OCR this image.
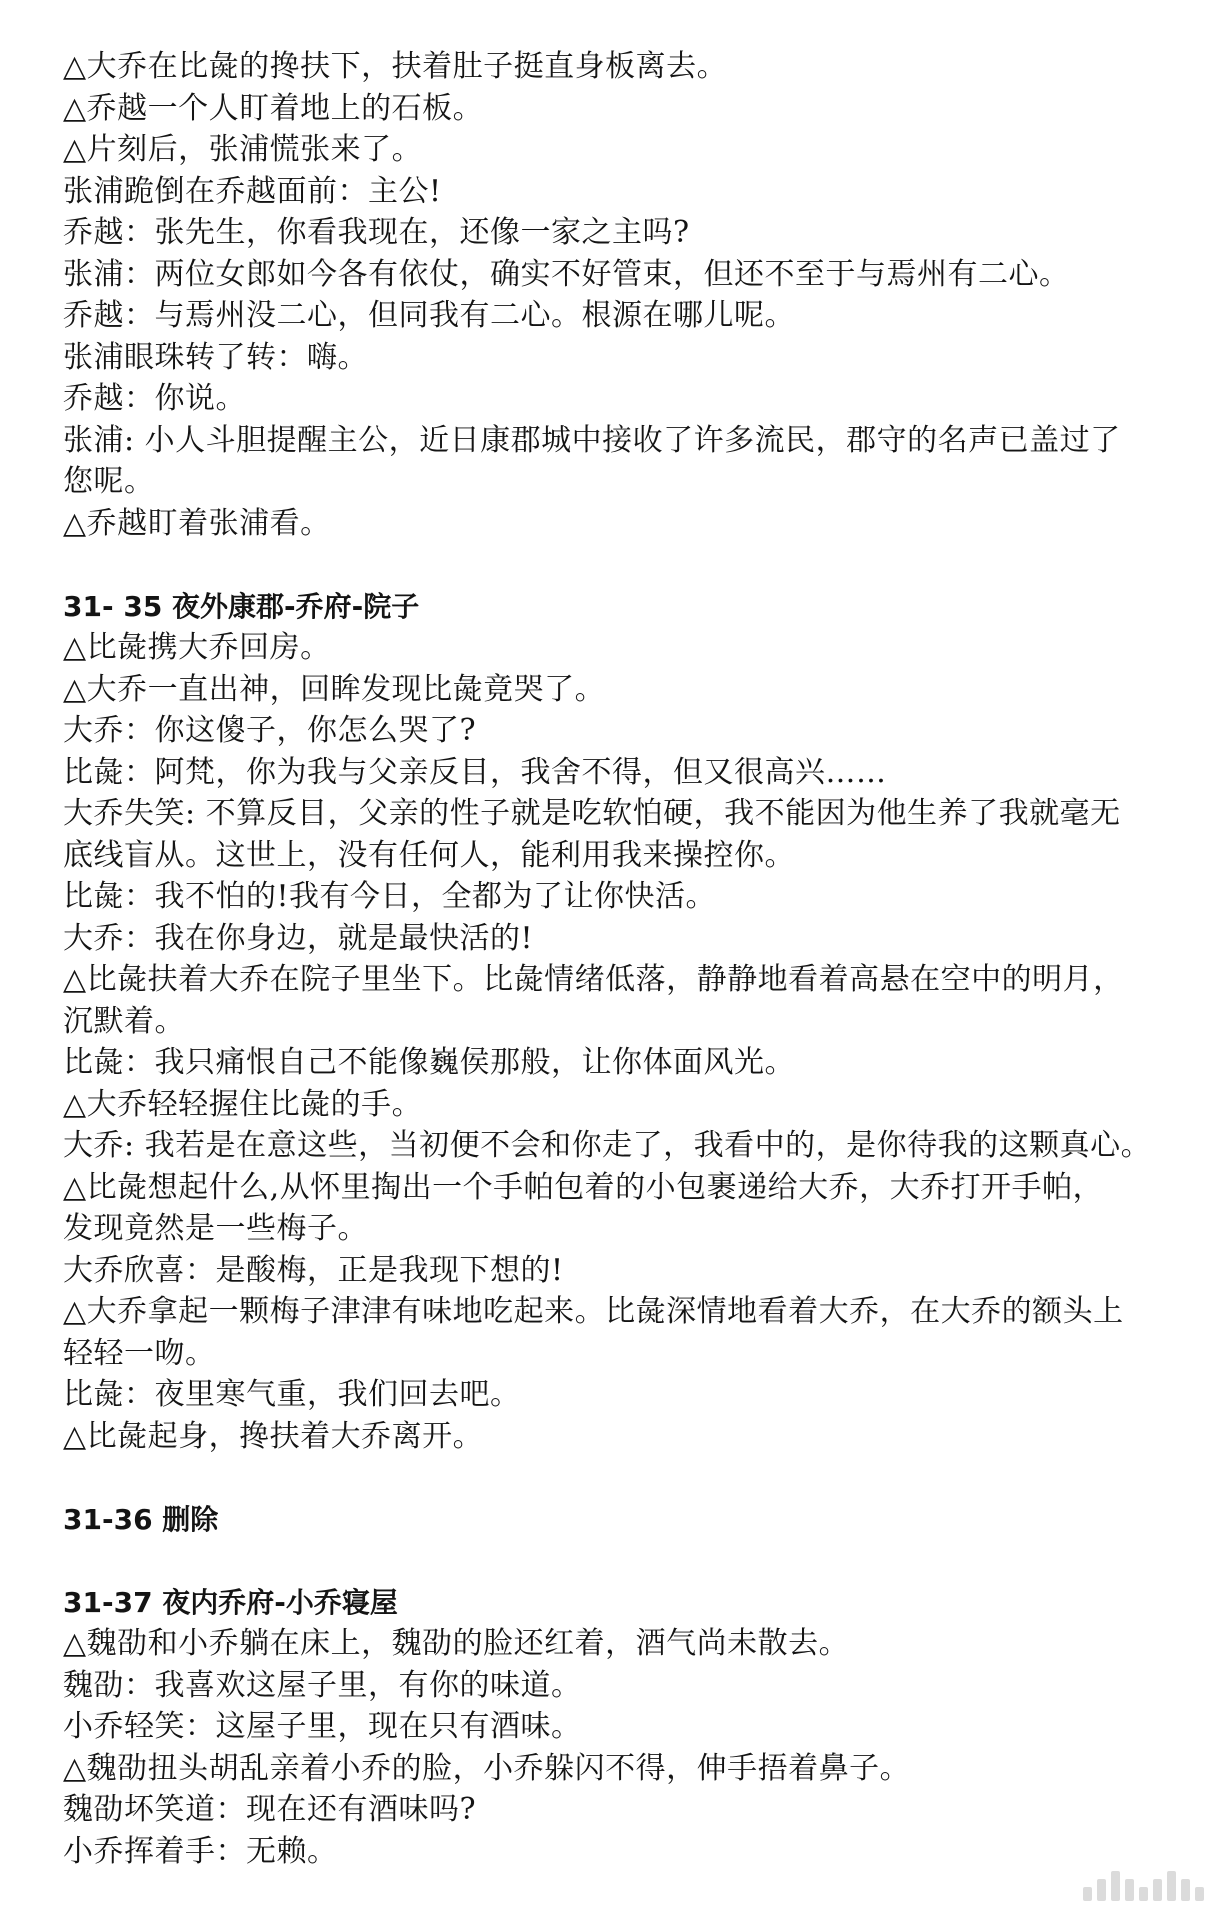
△大乔在比彘的搀扶下，扶着肚子挺直身板离去。
△乔越一个人盯着地上的石板。
△片刻后，张浦慌张来了。
张浦跪倒在乔越面前：主公!
乔越：张先生，你看我现在，还像一家之主吗?
张浦：两位女郎如今各有依仗，确实不好管束，但还不至于与焉州有二心。
乔越：与焉州没二心，但同我有二心。根源在哪儿呢。
张浦眼珠转了转：嗨。
乔越：你说。
张浦: 小人斗胆提醒主公，近日康郡城中接收了许多流民，郡守的名声已盖过了
您呢。
△乔越盯着张浦看。
31- 35 夜外康郡-乔府-院子
△比彘携大乔回房。
△大乔一直出神，回眸发现比彘竟哭了。
大乔：你这傻子，你怎么哭了?
比彘：阿梵，你为我与父亲反目，我舍不得，但又很高兴……
大乔失笑: 不算反目，父亲的性子就是吃软怕硬，我不能因为他生养了我就毫无
底线盲从。这世上，没有任何人，能利用我来操控你。
比彘：我不怕的!我有今日，全都为了让你快活。
大乔：我在你身边，就是最快活的!
△比彘扶着大乔在院子里坐下。比彘情绪低落，静静地看着高悬在空中的明月，
沉默着。
比彘：我只痛恨自己不能像巍侯那般，让你体面风光。
△大乔轻轻握住比彘的手。
大乔: 我若是在意这些，当初便不会和你走了，我看中的，是你待我的这颗真心。
△比彘想起什么,从怀里掏出一个手帕包着的小包裹递给大乔，大乔打开手帕，
发现竟然是一些梅子。
大乔欣喜：是酸梅，正是我现下想的!
△大乔拿起一颗梅子津津有味地吃起来。比彘深情地看着大乔，在大乔的额头上
轻轻一吻。
比彘：夜里寒气重，我们回去吧。
△比彘起身，搀扶着大乔离开。
31-36 删除
31-37 夜内乔府-小乔寝屋
△魏劭和小乔躺在床上，魏劭的脸还红着，酒气尚未散去。
魏劭：我喜欢这屋子里，有你的味道。
小乔轻笑：这屋子里，现在只有酒味。
△魏劭扭头胡乱亲着小乔的脸，小乔躲闪不得，伸手捂着鼻子。
魏劭坏笑道：现在还有酒味吗?
小乔挥着手：无赖。
